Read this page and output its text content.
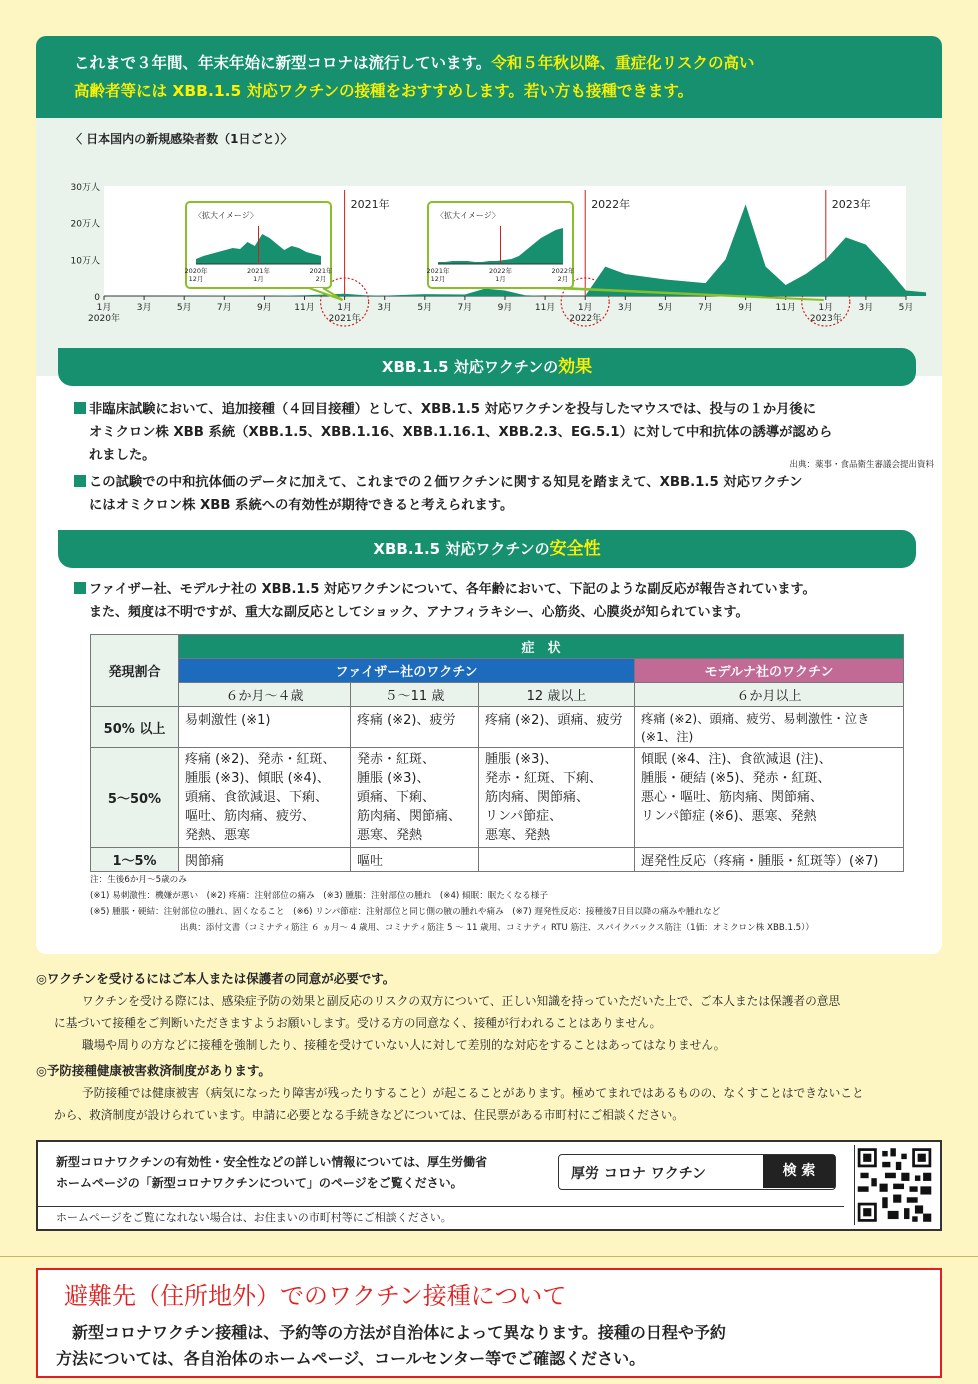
これまで３年間、年末年始に新型コロナは流行しています。令和５年秋以降、重症化リスクの高い
高齢者等には XBB.1.5 対応ワクチンの接種をおすすめします。若い方も接種できます。
〈 日本国内の新規感染者数（1日ごと）〉
0
10万人
20万人
30万人
1月
2020年
3月	5月	7月	9月	11月	1月
2021年
3月	5月	7月	9月	11月	1月
2022年
3月	5月	7月	9月	11月	1月
2023年
3月	5月
2021年	2022年	2023年
〈拡大イメージ〉
2020年
12月
2021年
1月
2021年
2月
〈拡大イメージ〉
2021年
12月
2022年
1月
2022年
2月
XBB.1.5 対応ワクチンの効果
非臨床試験において、追加接種（４回目接種）として、XBB.1.5 対応ワクチンを投与したマウスでは、投与の１か月後に
オミクロン株 XBB 系統（XBB.1.5、XBB.1.16、XBB.1.16.1、XBB.2.3、EG.5.1）に対して中和抗体の誘導が認めら
れました。
出典：薬事・食品衛生審議会提出資料
この試験での中和抗体価のデータに加えて、これまでの２価ワクチンに関する知見を踏まえて、XBB.1.5 対応ワクチン
にはオミクロン株 XBB 系統への有効性が期待できると考えられます。
XBB.1.5 対応ワクチンの安全性
ファイザー社、モデルナ社の XBB.1.5 対応ワクチンについて、各年齢において、下記のような副反応が報告されています。
また、頻度は不明ですが、重大な副反応としてショック、アナフィラキシー、心筋炎、心膜炎が知られています。
発現割合	症　状			
	ファイザー社のワクチン			モデルナ社のワクチン
	６か月～４歳	５～11 歳	12 歳以上	６か月以上
50% 以上	易刺激性 (※1)	疼痛 (※2)、疲労	疼痛 (※2)、頭痛、疲労	疼痛 (※2)、頭痛、疲労、易刺激性・泣き (※1、注)
5～50%	疼痛 (※2)、発赤・紅斑、
腫脹 (※3)、傾眠 (※4)、
頭痛、食欲減退、下痢、
嘔吐、筋肉痛、疲労、
発熱、悪寒	発赤・紅斑、
腫脹 (※3)、
頭痛、下痢、
筋肉痛、関節痛、
悪寒、発熱	腫脹 (※3)、
発赤・紅斑、下痢、
筋肉痛、関節痛、
リンパ節症、
悪寒、発熱	傾眠 (※4、注)、食欲減退 (注)、
腫脹・硬結 (※5)、発赤・紅斑、
悪心・嘔吐、筋肉痛、関節痛、
リンパ節症 (※6)、悪寒、発熱
1～5%	関節痛	嘔吐		遅発性反応（疼痛・腫脹・紅斑等）(※7)
注：生後6か月～5歳のみ
(※1) 易刺激性：機嫌が悪い　(※2) 疼痛：注射部位の痛み　(※3) 腫脹：注射部位の腫れ　(※4) 傾眠：眠たくなる様子
(※5) 腫脹・硬結：注射部位の腫れ、固くなること　(※6) リンパ節症：注射部位と同じ側の腋の腫れや痛み　(※7) 遅発性反応：接種後7日目以降の痛みや腫れなど
出典：添付文書（コミナティ筋注 ６ ヵ月～ 4 歳用、コミナティ筋注 5 ～ 11 歳用、コミナティ RTU 筋注、スパイクバックス筋注（1価：オミクロン株 XBB.1.5））
◎ワクチンを受けるにはご本人または保護者の同意が必要です。
ワクチンを受ける際には、感染症予防の効果と副反応のリスクの双方について、正しい知識を持っていただいた上で、ご本人または保護者の意思
に基づいて接種をご判断いただきますようお願いします。受ける方の同意なく、接種が行われることはありません。
職場や周りの方などに接種を強制したり、接種を受けていない人に対して差別的な対応をすることはあってはなりません。
◎予防接種健康被害救済制度があります。
予防接種では健康被害（病気になったり障害が残ったりすること）が起こることがあります。極めてまれではあるものの、なくすことはできないこと
から、救済制度が設けられています。申請に必要となる手続きなどについては、住民票がある市町村にご相談ください。
新型コロナワクチンの有効性・安全性などの詳しい情報については、厚生労働省
ホームページの「新型コロナワクチンについて」のページをご覧ください。
厚労 コロナ ワクチン	検 索
ホームページをご覧になれない場合は、お住まいの市町村等にご相談ください。
避難先（住所地外）でのワクチン接種について
　新型コロナワクチン接種は、予約等の方法が自治体によって異なります。接種の日程や予約
方法については、各自治体のホームページ、コールセンター等でご確認ください。
